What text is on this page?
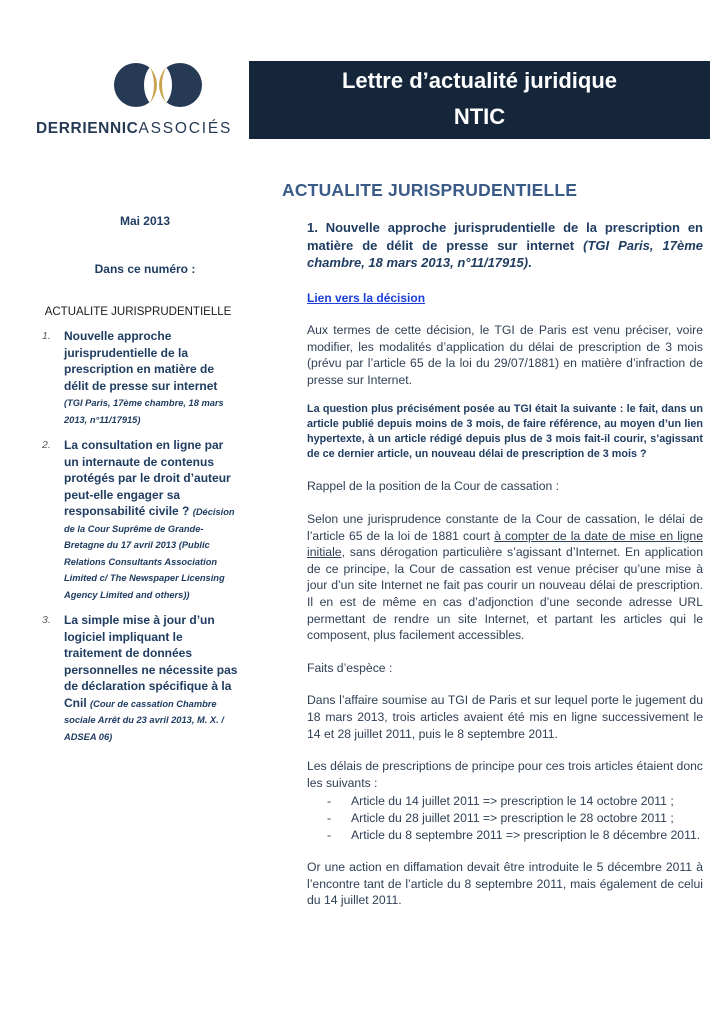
DERRIENNICASSOCIÉS
Lettre d’actualité juridique
NTIC
ACTUALITE JURISPRUDENTIELLE
Mai 2013
Dans ce numéro :
ACTUALITE JURISPRUDENTIELLE
1. Nouvelle approche jurisprudentielle de la prescription en matière de délit de presse sur internet (TGI Paris, 17ème chambre, 18 mars 2013, n°11/17915)
2. La consultation en ligne par un internaute de contenus protégés par le droit d’auteur peut-elle engager sa responsabilité civile ? (Décision de la Cour Suprême de Grande-Bretagne du 17 avril 2013 (Public Relations Consultants Association Limited c/ The Newspaper Licensing Agency Limited and others))
3. La simple mise à jour d’un logiciel impliquant le traitement de données personnelles ne nécessite pas de déclaration spécifique à la Cnil (Cour de cassation Chambre sociale Arrêt du 23 avril 2013, M. X. / ADSEA 06)
1. Nouvelle approche jurisprudentielle de la prescription en matière de délit de presse sur internet (TGI Paris, 17ème chambre, 18 mars 2013, n°11/17915).
Lien vers la décision
Aux termes de cette décision, le TGI de Paris est venu préciser, voire modifier, les modalités d’application du délai de prescription de 3 mois (prévu par l’article 65 de la loi du 29/07/1881) en matière d’infraction de presse sur Internet.
La question plus précisément posée au TGI était la suivante : le fait, dans un article publié depuis moins de 3 mois, de faire référence, au moyen d’un lien hypertexte, à un article rédigé depuis plus de 3 mois fait-il courir, s’agissant de ce dernier article, un nouveau délai de prescription de 3 mois ?
Rappel de la position de la Cour de cassation :
Selon une jurisprudence constante de la Cour de cassation, le délai de l’article 65 de la loi de 1881 court à compter de la date de mise en ligne initiale, sans dérogation particulière s’agissant d’Internet. En application de ce principe, la Cour de cassation est venue préciser qu’une mise à jour d’un site Internet ne fait pas courir un nouveau délai de prescription. Il en est de même en cas d’adjonction d’une seconde adresse URL permettant de rendre un site Internet, et partant les articles qui le composent, plus facilement accessibles.
Faits d’espèce :
Dans l’affaire soumise au TGI de Paris et sur lequel porte le jugement du 18 mars 2013, trois articles avaient été mis en ligne successivement le 14 et 28 juillet 2011, puis le 8 septembre 2011.
Les délais de prescriptions de principe pour ces trois articles étaient donc les suivants :
- Article du 14 juillet 2011 => prescription le 14 octobre 2011 ;
- Article du 28 juillet 2011 => prescription le 28 octobre 2011 ;
- Article du 8 septembre 2011 => prescription le 8 décembre 2011.
Or une action en diffamation devait être introduite le 5 décembre 2011 à l’encontre tant de l’article du 8 septembre 2011, mais également de celui du 14 juillet 2011.
